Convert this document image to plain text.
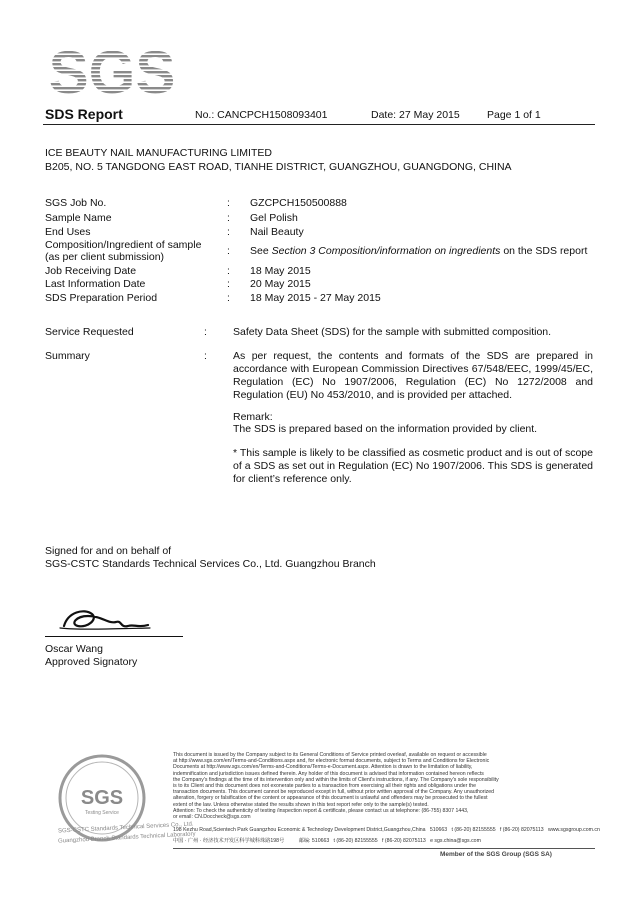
SGS
SDS Report	No.: CANCPCH1508093401	Date: 27 May 2015	Page 1 of 1
ICE BEAUTY NAIL MANUFACTURING LIMITED
B205, NO. 5 TANGDONG EAST ROAD, TIANHE DISTRICT, GUANGZHOU, GUANGDONG, CHINA
SGS Job No.	: GZCPCH150500888
Sample Name	: Gel Polish
End Uses	: Nail Beauty
Composition/Ingredient of sample
(as per client submission)	: See Section 3 Composition/information on ingredients on the SDS report
Job Receiving Date	: 18 May 2015
Last Information Date	: 20 May 2015
SDS Preparation Period	: 18 May 2015 - 27 May 2015
Service Requested	: Safety Data Sheet (SDS) for the sample with submitted composition.
Summary	: As per request, the contents and formats of the SDS are prepared in accordance with European Commission Directives 67/548/EEC, 1999/45/EC, Regulation (EC) No 1907/2006, Regulation (EC) No 1272/2008 and Regulation (EU) No 453/2010, and is provided per attached.
Remark:
The SDS is prepared based on the information provided by client.
* This sample is likely to be classified as cosmetic product and is out of scope of a SDS as set out in Regulation (EC) No 1907/2006. This SDS is generated for client’s reference only.
Signed for and on behalf of
SGS-CSTC Standards Technical Services Co., Ltd. Guangzhou Branch
Oscar Wang
Approved Signatory
SGS
Testing Service
SGS-CSTC Standards Technical Services Co., Ltd.
Guangzhou Branch Standards Technical Laboratory
This document is issued by the Company subject to its General Conditions of Service printed overleaf, available on request or accessible
at http://www.sgs.com/en/Terms-and-Conditions.aspx and, for electronic format documents, subject to Terms and Conditions for Electronic
Documents at http://www.sgs.com/en/Terms-and-Conditions/Terms-e-Document.aspx. Attention is drawn to the limitation of liability,
indemnification and jurisdiction issues defined therein. Any holder of this document is advised that information contained hereon reflects
the Company's findings at the time of its intervention only and within the limits of Client's instructions, if any. The Company's sole responsibility
is to its Client and this document does not exonerate parties to a transaction from exercising all their rights and obligations under the
transaction documents. This document cannot be reproduced except in full, without prior written approval of the Company. Any unauthorized
alteration, forgery or falsification of the content or appearance of this document is unlawful and offenders may be prosecuted to the fullest
extent of the law. Unless otherwise stated the results shown in this test report refer only to the sample(s) tested.
Attention: To check the authenticity of testing /inspection report & certificate, please contact us at telephone: (86-755) 8307 1443,
or email: CN.Doccheck@sgs.com
198 Kezhu Road,Scientech Park Guangzhou Economic & Technology Development District,Guangzhou,China   510663   t (86-20) 82155555   f (86-20) 82075113   www.sgsgroup.com.cn
中国 · 广州 · 经济技术开发区科学城科珠路198号          邮编: 510663   t (86-20) 82155555   f (86-20) 82075113   e sgs.china@sgs.com
Member of the SGS Group (SGS SA)
